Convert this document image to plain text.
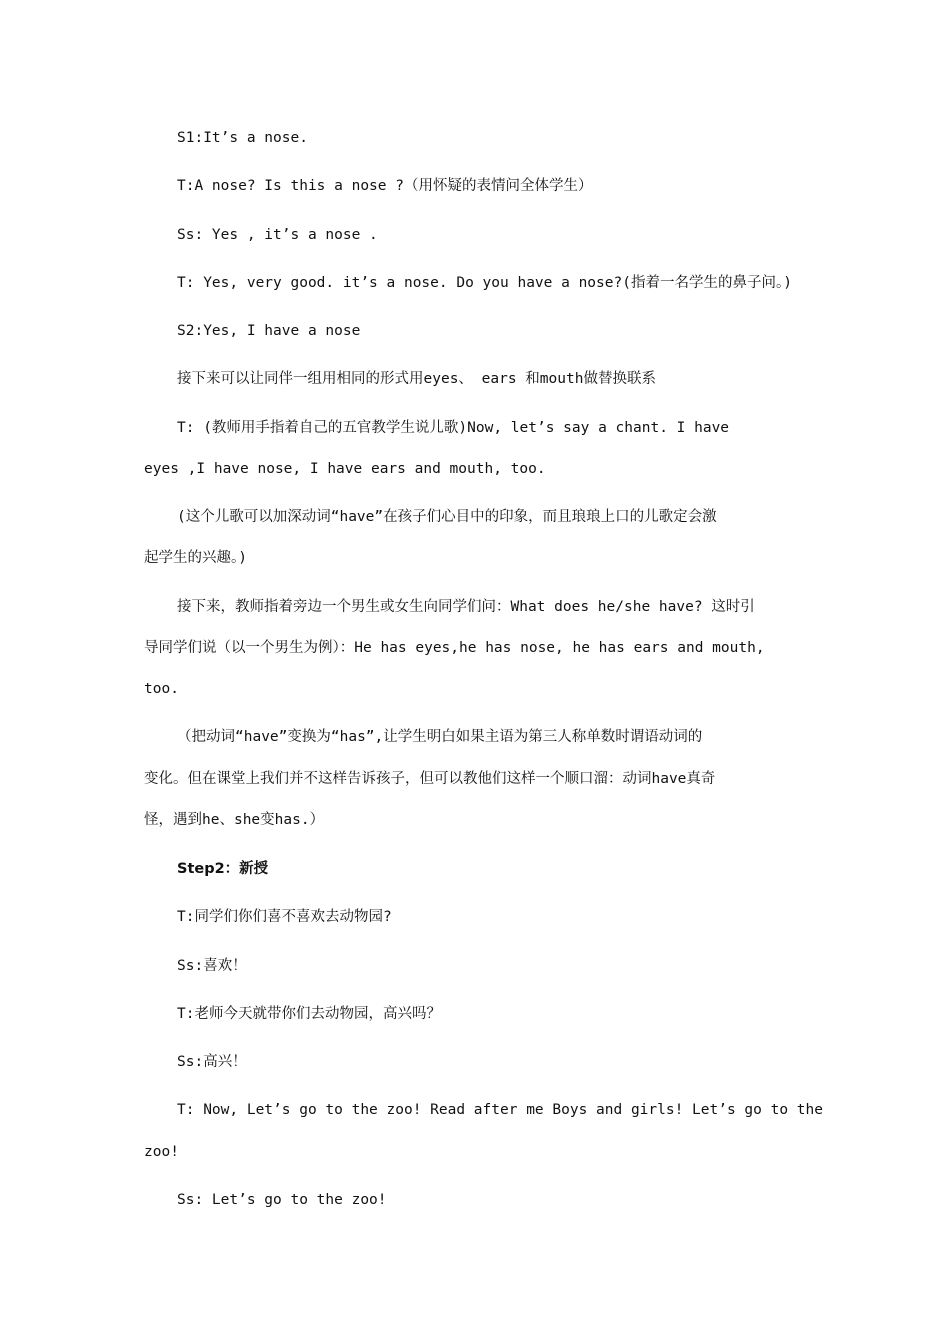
S1:It’s a nose.

T:A nose? Is this a nose ?（用怀疑的表情问全体学生）

Ss: Yes , it’s a nose .

T: Yes, very good. it’s a nose. Do you have a nose?(指着一名学生的鼻子问。)

S2:Yes, I have a nose

接下来可以让同伴一组用相同的形式用eyes、 ears 和mouth做替换联系

T: (教师用手指着自己的五官教学生说儿歌)Now, let’s say a chant. I have

eyes ,I have nose, I have ears and mouth, too.

(这个儿歌可以加深动词“have”在孩子们心目中的印象，而且琅琅上口的儿歌定会激

起学生的兴趣。)

接下来，教师指着旁边一个男生或女生向同学们问：What does he/she have? 这时引

导同学们说（以一个男生为例）：He has eyes,he has nose, he has ears and mouth,

too.

（把动词“have”变换为“has”,让学生明白如果主语为第三人称单数时谓语动词的

变化。但在课堂上我们并不这样告诉孩子，但可以教他们这样一个顺口溜：动词have真奇

怪，遇到he、she变has.）

Step2：新授

T:同学们你们喜不喜欢去动物园?

Ss:喜欢！

T:老师今天就带你们去动物园，高兴吗？

Ss:高兴！

T: Now, Let’s go to the zoo! Read after me Boys and girls! Let’s go to the

zoo!

Ss: Let’s go to the zoo!
